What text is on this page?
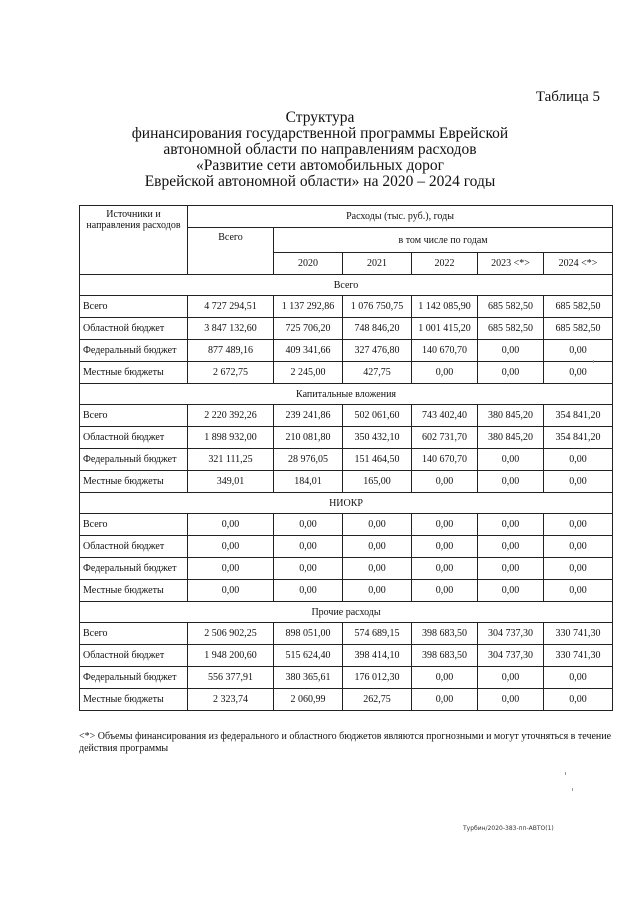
Таблица 5
Структура
финансирования государственной программы Еврейской
автономной области по направлениям расходов
«Развитие сети автомобильных дорог
Еврейской автономной области» на 2020 – 2024 годы
Источники и направления расходов	Расходы (тыс. руб.), годы					
	Всего	в том числе по годам				
		2020	2021	2022	2023 <*>	2024 <*>
Всего						
Всего	4 727 294,51	1 137 292,86	1 076 750,75	1 142 085,90	685 582,50	685 582,50
Областной бюджет	3 847 132,60	725 706,20	748 846,20	1 001 415,20	685 582,50	685 582,50
Федеральный бюджет	877 489,16	409 341,66	327 476,80	140 670,70	0,00	0,00
Местные бюджеты	2 672,75	2 245,00	427,75	0,00	0,00	0,00
Капитальные вложения						
Всего	2 220 392,26	239 241,86	502 061,60	743 402,40	380 845,20	354 841,20
Областной бюджет	1 898 932,00	210 081,80	350 432,10	602 731,70	380 845,20	354 841,20
Федеральный бюджет	321 111,25	28 976,05	151 464,50	140 670,70	0,00	0,00
Местные бюджеты	349,01	184,01	165,00	0,00	0,00	0,00
НИОКР						
Всего	0,00	0,00	0,00	0,00	0,00	0,00
Областной бюджет	0,00	0,00	0,00	0,00	0,00	0,00
Федеральный бюджет	0,00	0,00	0,00	0,00	0,00	0,00
Местные бюджеты	0,00	0,00	0,00	0,00	0,00	0,00
Прочие расходы						
Всего	2 506 902,25	898 051,00	574 689,15	398 683,50	304 737,30	330 741,30
Областной бюджет	1 948 200,60	515 624,40	398 414,10	398 683,50	304 737,30	330 741,30
Федеральный бюджет	556 377,91	380 365,61	176 012,30	0,00	0,00	0,00
Местные бюджеты	2 323,74	2 060,99	262,75	0,00	0,00	0,00
<*> Объемы финансирования из федерального и областного бюджетов являются прогнозными и могут уточняться в течение действия программы
Турбин/2020-383-пп-АВТО(1)
